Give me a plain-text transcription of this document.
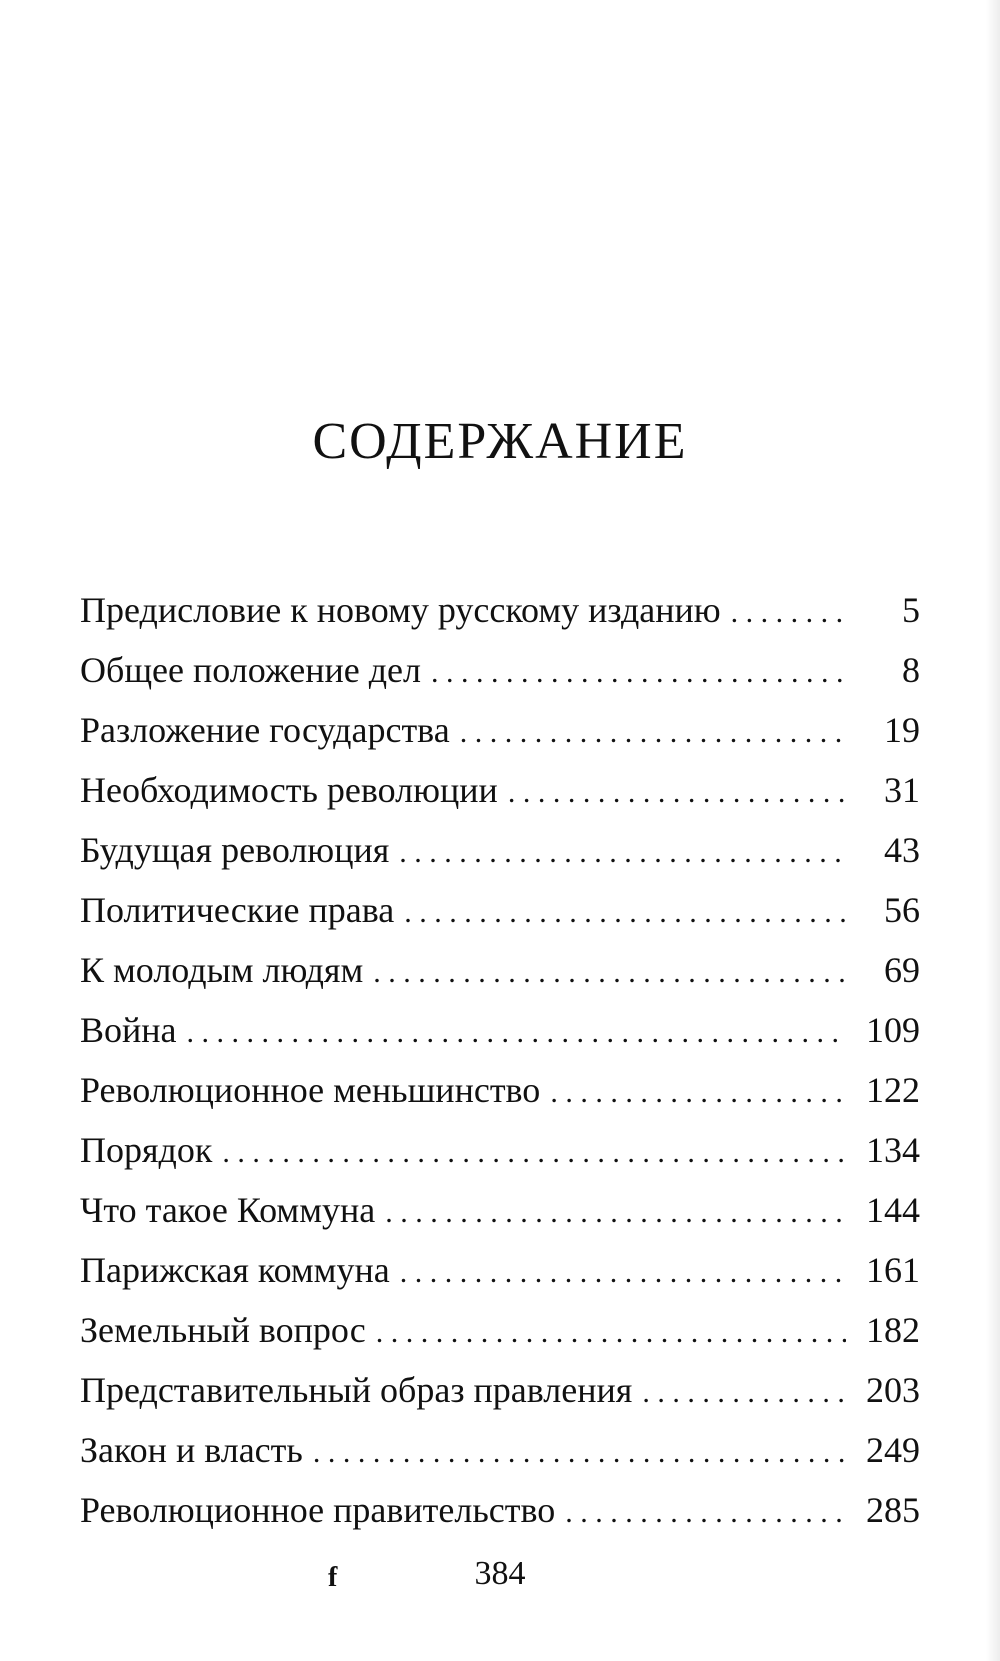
СОДЕРЖАНИЕ
Предисловие к новому русскому изданию . . .	5
Общее положение дел . . .	8
Разложение государства . . .	19
Необходимость революции . . .	31
Будущая революция . . .	43
Политические права . . .	56
К молодым людям . . .	69
Война . . .	109
Революционное меньшинство . . .	122
Порядок . . .	134
Что такое Коммуна . . .	144
Парижская коммуна . . .	161
Земельный вопрос . . .	182
Представительный образ правления . . .	203
Закон и власть . . .	249
Революционное правительство . . .	285
f	384
